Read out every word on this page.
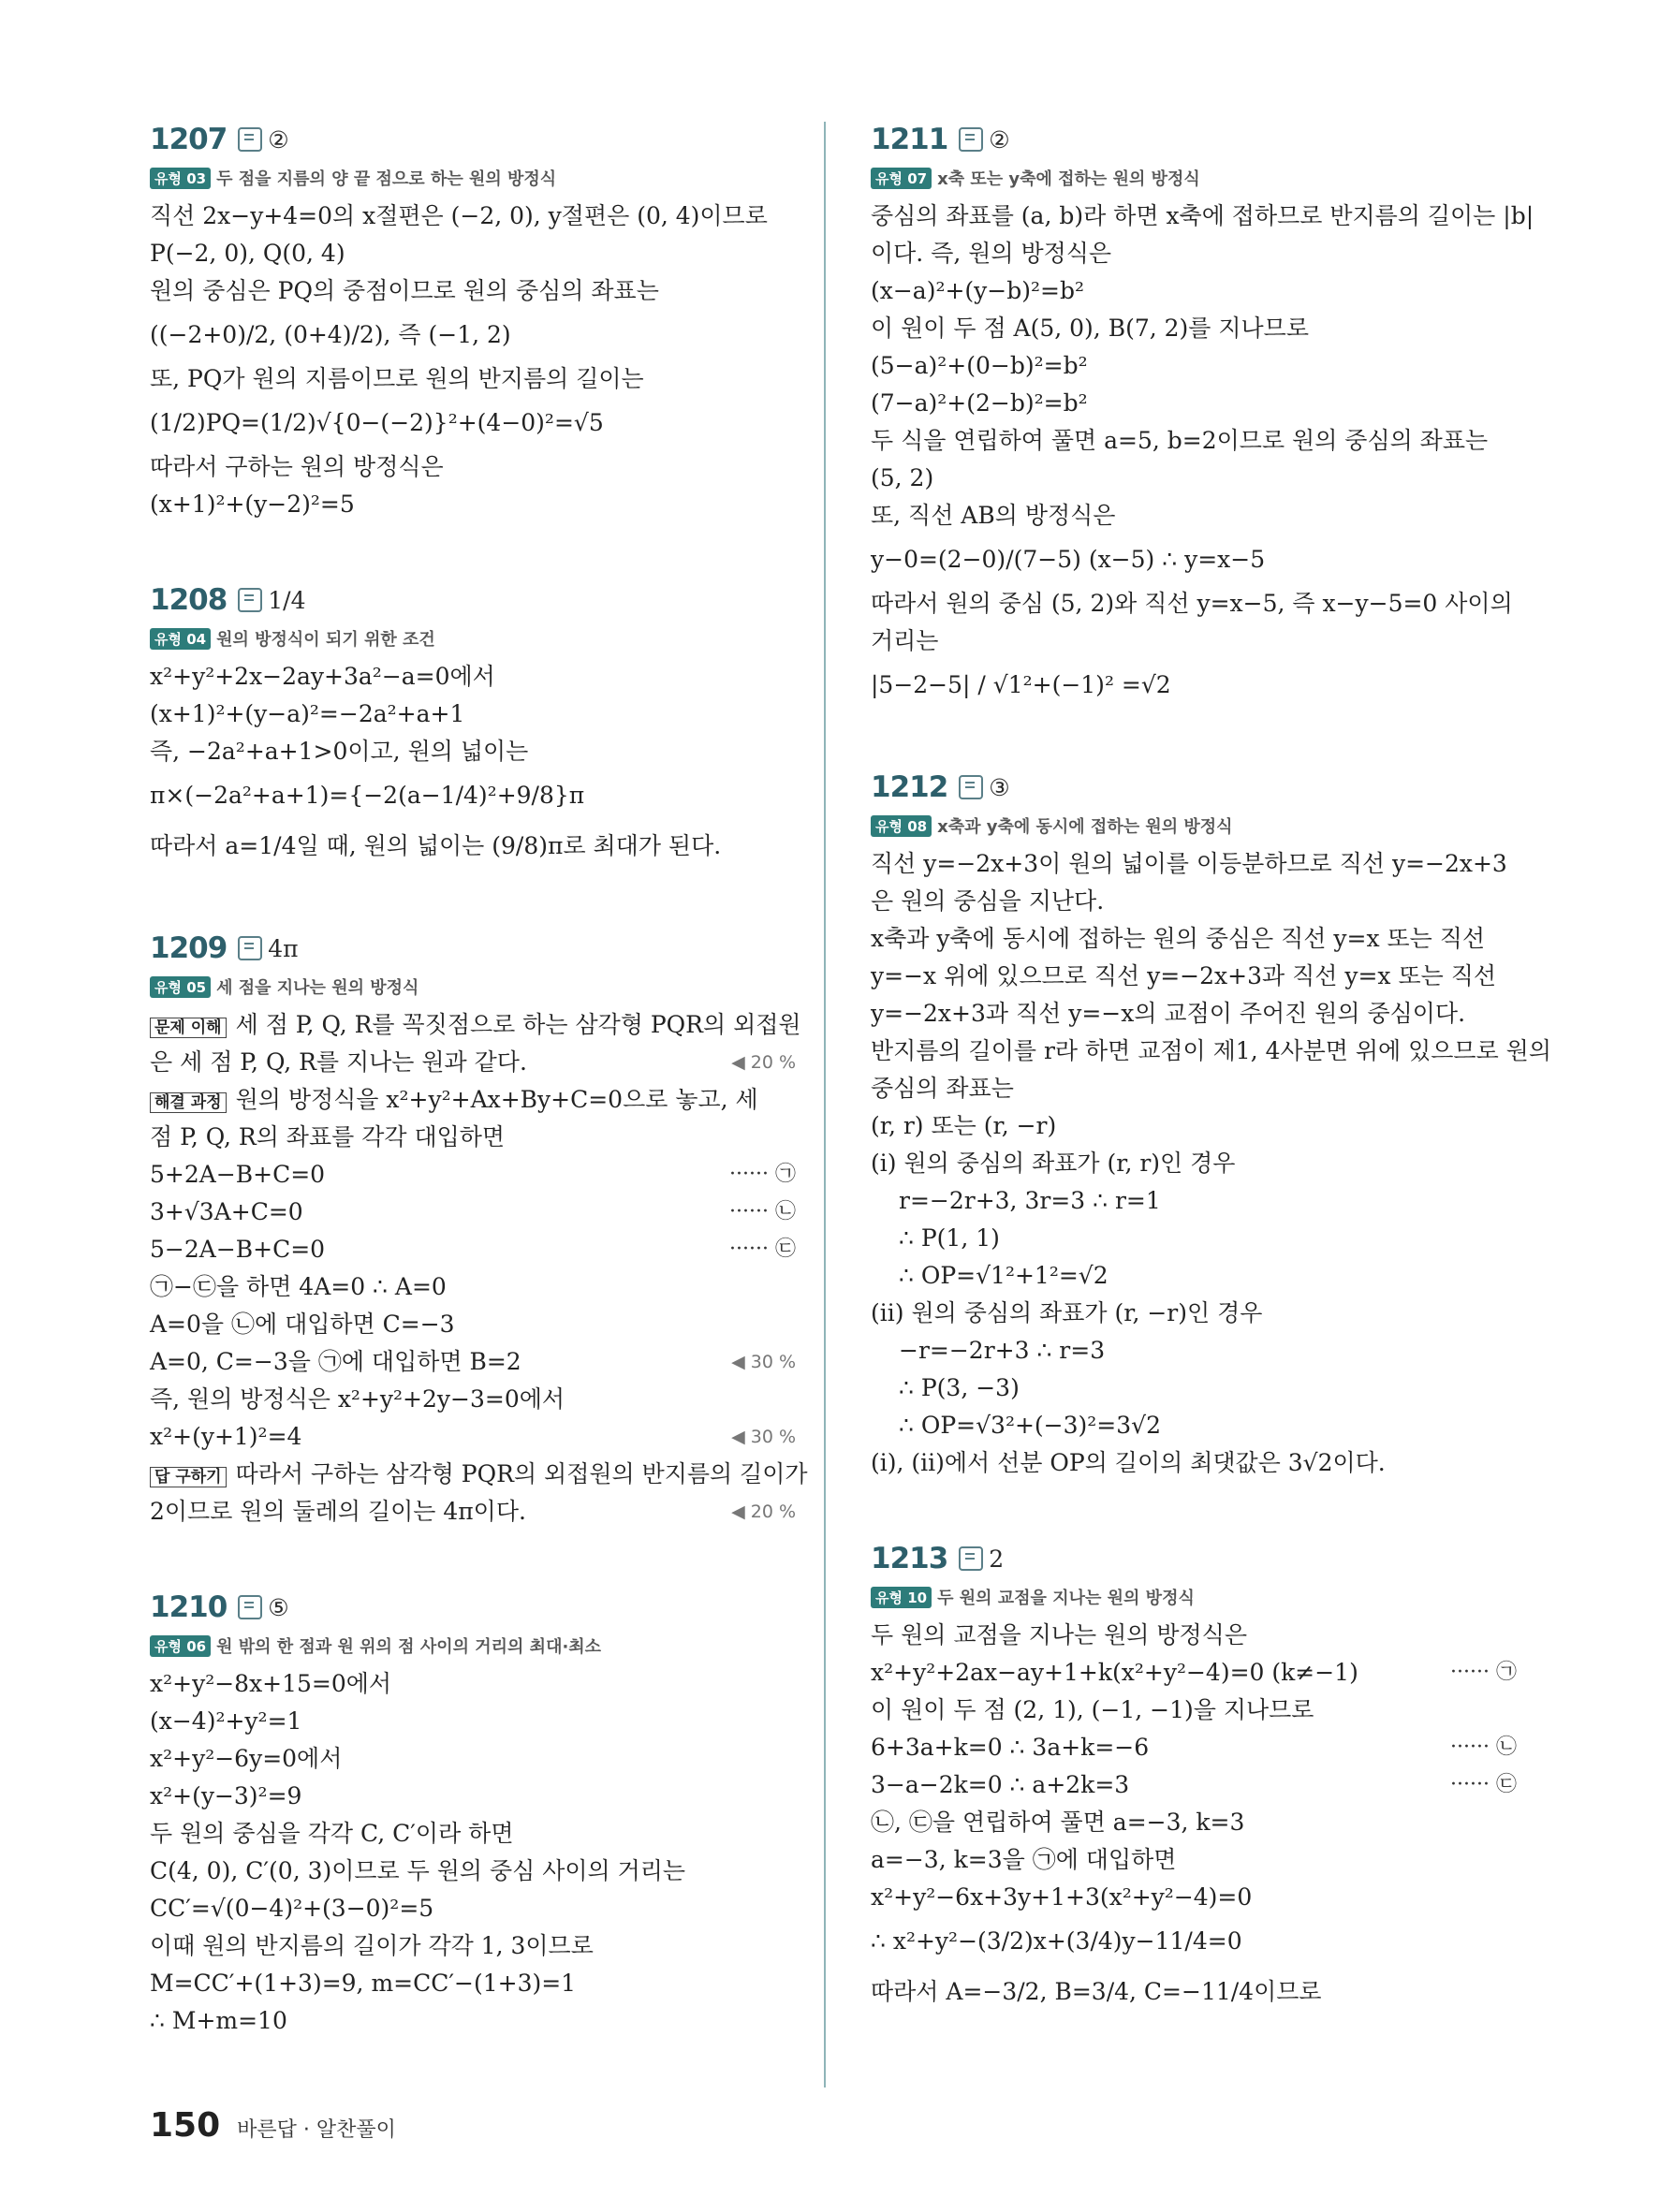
1207 ②
유형 03 두 점을 지름의 양 끝 점으로 하는 원의 방정식
직선 2x−y+4=0의 x절편은 (−2, 0), y절편은 (0, 4)이므로
P(−2, 0), Q(0, 4)
원의 중심은 PQ의 중점이므로 원의 중심의 좌표는
((−2+0)/2, (0+4)/2), 즉 (−1, 2)
또, PQ가 원의 지름이므로 원의 반지름의 길이는
(1/2)PQ=(1/2)√{0−(−2)}²+(4−0)²=√5
따라서 구하는 원의 방정식은
(x+1)²+(y−2)²=5
1208 1/4
유형 04 원의 방정식이 되기 위한 조건
x²+y²+2x−2ay+3a²−a=0에서
(x+1)²+(y−a)²=−2a²+a+1
즉, −2a²+a+1>0이고, 원의 넓이는
π×(−2a²+a+1)={−2(a−1/4)²+9/8}π
따라서 a=1/4일 때, 원의 넓이는 (9/8)π로 최대가 된다.
1209 4π
유형 05 세 점을 지나는 원의 방정식
문제 이해 세 점 P, Q, R를 꼭짓점으로 하는 삼각형 PQR의 외접원
은 세 점 P, Q, R를 지나는 원과 같다.	◀ 20 %
해결 과정 원의 방정식을 x²+y²+Ax+By+C=0으로 놓고, 세
점 P, Q, R의 좌표를 각각 대입하면
5+2A−B+C=0	······ ㉠
3+√3A+C=0	······ ㉡
5−2A−B+C=0	······ ㉢
㉠−㉢을 하면 4A=0 ∴ A=0
A=0을 ㉡에 대입하면 C=−3
A=0, C=−3을 ㉠에 대입하면 B=2	◀ 30 %
즉, 원의 방정식은 x²+y²+2y−3=0에서
x²+(y+1)²=4	◀ 30 %
답 구하기 따라서 구하는 삼각형 PQR의 외접원의 반지름의 길이가
2이므로 원의 둘레의 길이는 4π이다.	◀ 20 %
1210 ⑤
유형 06 원 밖의 한 점과 원 위의 점 사이의 거리의 최대·최소
x²+y²−8x+15=0에서
(x−4)²+y²=1
x²+y²−6y=0에서
x²+(y−3)²=9
두 원의 중심을 각각 C, C′이라 하면
C(4, 0), C′(0, 3)이므로 두 원의 중심 사이의 거리는
CC′=√(0−4)²+(3−0)²=5
이때 원의 반지름의 길이가 각각 1, 3이므로
M=CC′+(1+3)=9, m=CC′−(1+3)=1
∴ M+m=10
1211 ②
유형 07 x축 또는 y축에 접하는 원의 방정식
중심의 좌표를 (a, b)라 하면 x축에 접하므로 반지름의 길이는 |b|
이다. 즉, 원의 방정식은
(x−a)²+(y−b)²=b²
이 원이 두 점 A(5, 0), B(7, 2)를 지나므로
(5−a)²+(0−b)²=b²
(7−a)²+(2−b)²=b²
두 식을 연립하여 풀면 a=5, b=2이므로 원의 중심의 좌표는
(5, 2)
또, 직선 AB의 방정식은
y−0=(2−0)/(7−5) (x−5) ∴ y=x−5
따라서 원의 중심 (5, 2)와 직선 y=x−5, 즉 x−y−5=0 사이의
거리는
|5−2−5| / √1²+(−1)² =√2
1212 ③
유형 08 x축과 y축에 동시에 접하는 원의 방정식
직선 y=−2x+3이 원의 넓이를 이등분하므로 직선 y=−2x+3
은 원의 중심을 지난다.
x축과 y축에 동시에 접하는 원의 중심은 직선 y=x 또는 직선
y=−x 위에 있으므로 직선 y=−2x+3과 직선 y=x 또는 직선
y=−2x+3과 직선 y=−x의 교점이 주어진 원의 중심이다.
반지름의 길이를 r라 하면 교점이 제1, 4사분면 위에 있으므로 원의
중심의 좌표는
(r, r) 또는 (r, −r)
(ⅰ) 원의 중심의 좌표가 (r, r)인 경우
r=−2r+3, 3r=3 ∴ r=1
∴ P(1, 1)
∴ OP=√1²+1²=√2
(ⅱ) 원의 중심의 좌표가 (r, −r)인 경우
−r=−2r+3 ∴ r=3
∴ P(3, −3)
∴ OP=√3²+(−3)²=3√2
(ⅰ), (ⅱ)에서 선분 OP의 길이의 최댓값은 3√2이다.
1213 2
유형 10 두 원의 교점을 지나는 원의 방정식
두 원의 교점을 지나는 원의 방정식은
x²+y²+2ax−ay+1+k(x²+y²−4)=0 (k≠−1)	······ ㉠
이 원이 두 점 (2, 1), (−1, −1)을 지나므로
6+3a+k=0 ∴ 3a+k=−6	······ ㉡
3−a−2k=0 ∴ a+2k=3	······ ㉢
㉡, ㉢을 연립하여 풀면 a=−3, k=3
a=−3, k=3을 ㉠에 대입하면
x²+y²−6x+3y+1+3(x²+y²−4)=0
∴ x²+y²−(3/2)x+(3/4)y−11/4=0
따라서 A=−3/2, B=3/4, C=−11/4이므로
150 바른답 · 알찬풀이
